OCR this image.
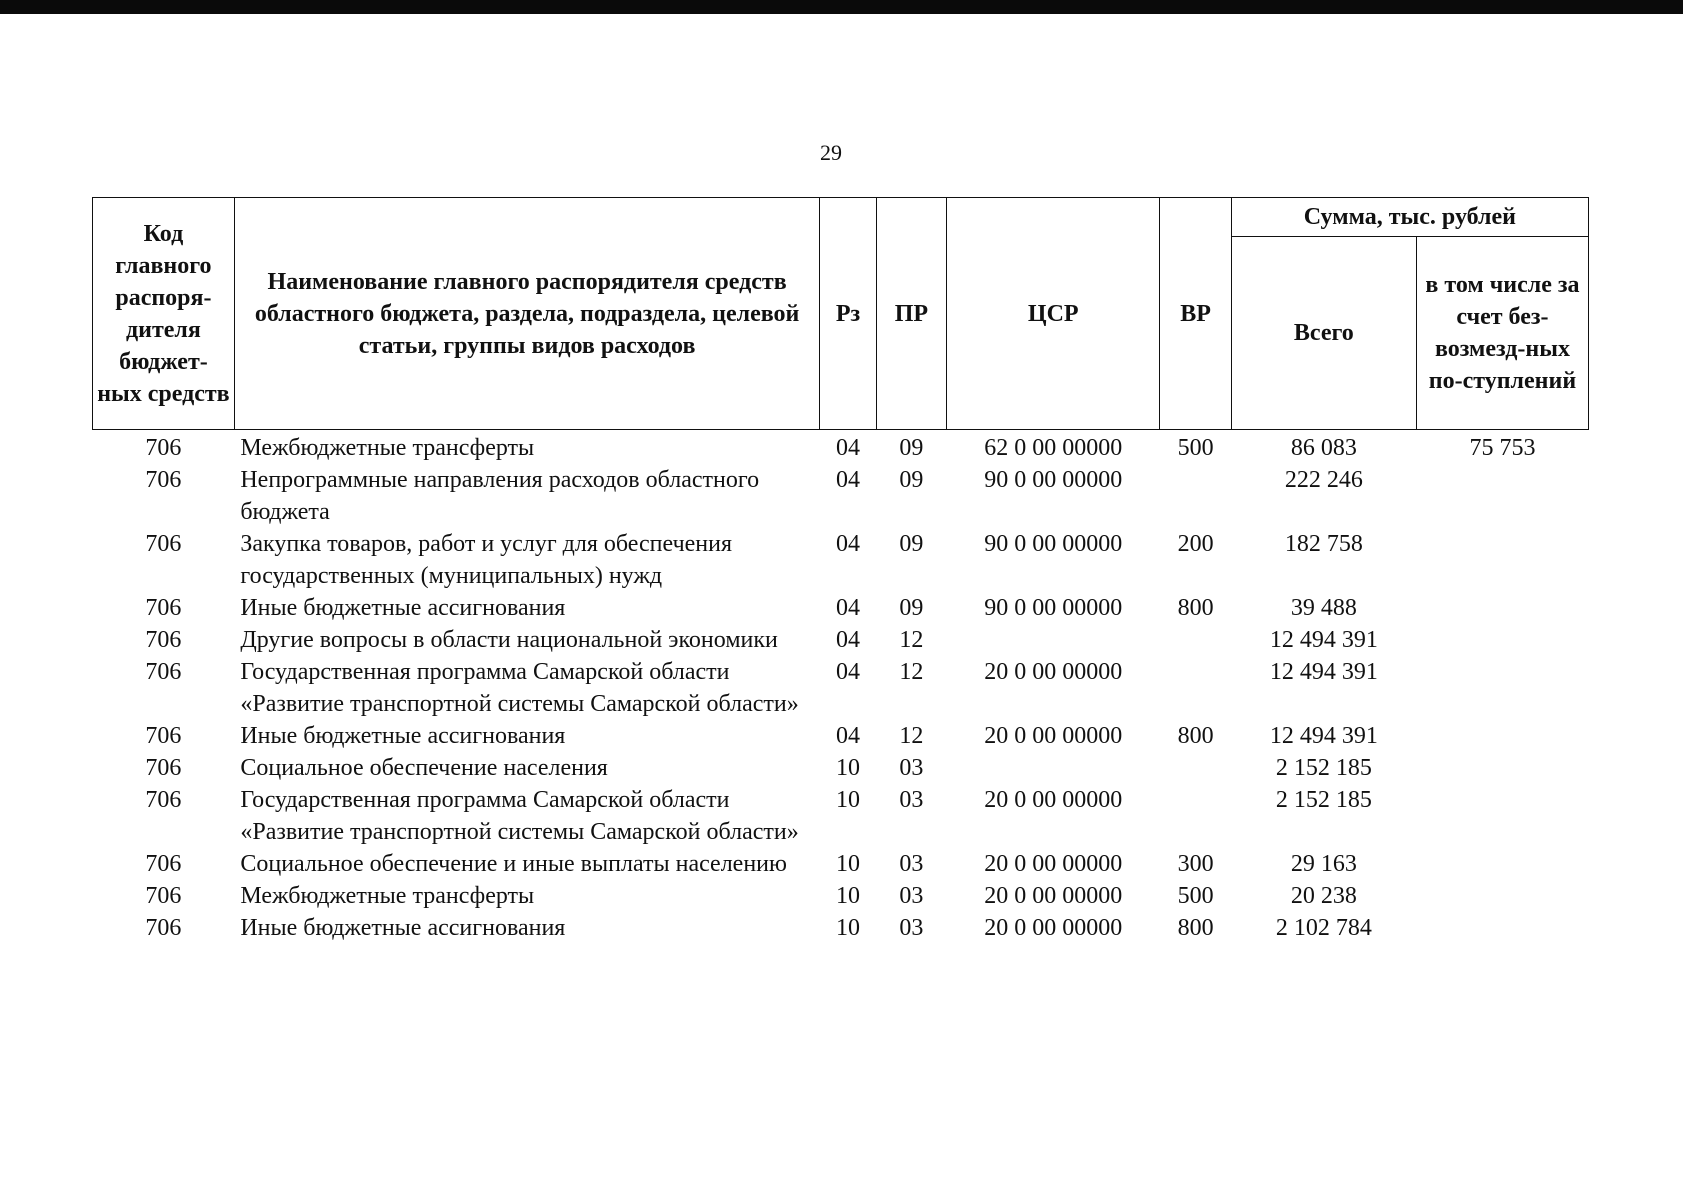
29
Код главного распоря-дителя бюджет-ных средств	Наименование главного распорядителя средств областного бюджета, раздела, подраздела, целевой статьи, группы видов расходов	Рз	ПР	ЦСР	ВР	Сумма, тыс. рублей	
						Всего	в том числе за счет без-возмезд-ных по-ступлений
706	Межбюджетные трансферты	04	09	62 0 00 00000	500	86 083	75 753
706	Непрограммные направления расходов областного бюджета	04	09	90 0 00 00000		222 246	
706	Закупка товаров, работ и услуг для обеспечения государственных (муниципальных) нужд	04	09	90 0 00 00000	200	182 758	
706	Иные бюджетные ассигнования	04	09	90 0 00 00000	800	39 488	
706	Другие вопросы в области национальной экономики	04	12			12 494 391	
706	Государственная программа Самарской области «Развитие транспортной системы Самарской области»	04	12	20 0 00 00000		12 494 391	
706	Иные бюджетные ассигнования	04	12	20 0 00 00000	800	12 494 391	
706	Социальное обеспечение населения	10	03			2 152 185	
706	Государственная программа Самарской области «Развитие транспортной системы Самарской области»	10	03	20 0 00 00000		2 152 185	
706	Социальное обеспечение и иные выплаты населению	10	03	20 0 00 00000	300	29 163	
706	Межбюджетные трансферты	10	03	20 0 00 00000	500	20 238	
706	Иные бюджетные ассигнования	10	03	20 0 00 00000	800	2 102 784	
